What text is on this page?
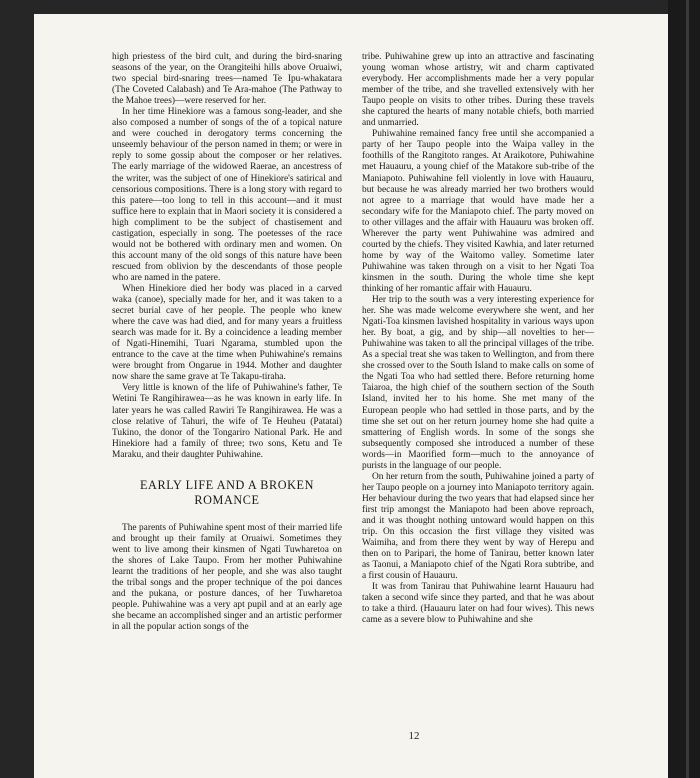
high priestess of the bird cult, and during the bird-snaring seasons of the year, on the Orangiteihi hills above Oruaiwi, two special bird-snaring trees—named Te Ipu-whakatara (The Coveted Calabash) and Te Ara-mahoe (The Pathway to the Mahoe trees)—were reserved for her.

In her time Hinekiore was a famous song-leader, and she also composed a number of songs of the of a topical nature and were couched in derogatory terms concerning the unseemly behaviour of the person named in them; or were in reply to some gossip about the composer or her relatives. The early marriage of the widowed Raerae, an ancestress of the writer, was the subject of one of Hinekiore's satirical and censorious compositions. There is a long story with regard to this patere—too long to tell in this account—and it must suffice here to explain that in Maori society it is considered a high compliment to be the subject of chastisement and castigation, especially in song. The poetesses of the race would not be bothered with ordinary men and women. On this account many of the old songs of this nature have been rescued from oblivion by the descendants of those people who are named in the patere.

When Hinekiore died her body was placed in a carved waka (canoe), specially made for her, and it was taken to a secret burial cave of her people. The people who knew where the cave was had died, and for many years a fruitless search was made for it. By a coincidence a leading member of Ngati-Hinemihi, Tuari Ngarama, stumbled upon the entrance to the cave at the time when Puhiwahine's remains were brought from Ongarue in 1944. Mother and daughter now share the same grave at Te Takapu-tiraha.

Very little is known of the life of Puhiwahine's father, Te Wetini Te Rangihirawea—as he was known in early life. In later years he was called Rawiri Te Rangihirawea. He was a close relative of Tahuri, the wife of Te Heuheu (Patatai) Tukino, the donor of the Tongariro National Park. He and Hinekiore had a family of three; two sons, Ketu and Te Maraku, and their daughter Puhiwahine.

EARLY LIFE AND A BROKEN
ROMANCE

The parents of Puhiwahine spent most of their married life and brought up their family at Oruaiwi. Sometimes they went to live among their kinsmen of Ngati Tuwharetoa on the shores of Lake Taupo. From her mother Puhiwahine learnt the traditions of her people, and she was also taught the tribal songs and the proper technique of the poi dances and the pukana, or posture dances, of her Tuwharetoa people. Puhiwahine was a very apt pupil and at an early age she became an accomplished singer and an artistic performer in all the popular action songs of the

tribe. Puhiwahine grew up into an attractive and fascinating young woman whose artistry, wit and charm captivated everybody. Her accomplishments made her a very popular member of the tribe, and she travelled extensively with her Taupo people on visits to other tribes. During these travels she captured the hearts of many notable chiefs, both married and unmarried.

Puhiwahine remained fancy free until she accompanied a party of her Taupo people into the Waipa valley in the foothills of the Rangitoto ranges. At Araikotore, Puhiwahine met Hauauru, a young chief of the Matakore sub-tribe of the Maniapoto. Puhiwahine fell violently in love with Hauauru, but because he was already married her two brothers would not agree to a marriage that would have made her a secondary wife for the Maniapoto chief. The party moved on to other villages and the affair with Hauauru was broken off. Wherever the party went Puhiwahine was admired and courted by the chiefs. They visited Kawhia, and later returned home by way of the Waitomo valley. Sometime later Puhiwahine was taken through on a visit to her Ngati Toa kinsmen in the south. During the whole time she kept thinking of her romantic affair with Hauauru.

Her trip to the south was a very interesting experience for her. She was made welcome everywhere she went, and her Ngati-Toa kinsmen lavished hospitality in various ways upon her. By boat, a gig, and by ship—all novelties to her—Puhiwahine was taken to all the principal villages of the tribe. As a special treat she was taken to Wellington, and from there she crossed over to the South Island to make calls on some of the Ngati Toa who had settled there. Before returning home Taiaroa, the high chief of the southern section of the South Island, invited her to his home. She met many of the European people who had settled in those parts, and by the time she set out on her return journey home she had quite a smattering of English words. In some of the songs she subsequently composed she introduced a number of these words—in Maorified form—much to the annoyance of purists in the language of our people.

On her return from the south, Puhiwahine joined a party of her Taupo people on a journey into Maniapoto territory again. Her behaviour during the two years that had elapsed since her first trip amongst the Maniapoto had been above reproach, and it was thought nothing untoward would happen on this trip. On this occasion the first village they visited was Waimiha, and from there they went by way of Herepu and then on to Paripari, the home of Tanirau, better known later as Taonui, a Maniapoto chief of the Ngati Rora subtribe, and a first cousin of Hauauru.

It was from Tanirau that Puhiwahine learnt Hauauru had taken a second wife since they parted, and that he was about to take a third. (Hauauru later on had four wives). This news came as a severe blow to Puhiwahine and she

12
